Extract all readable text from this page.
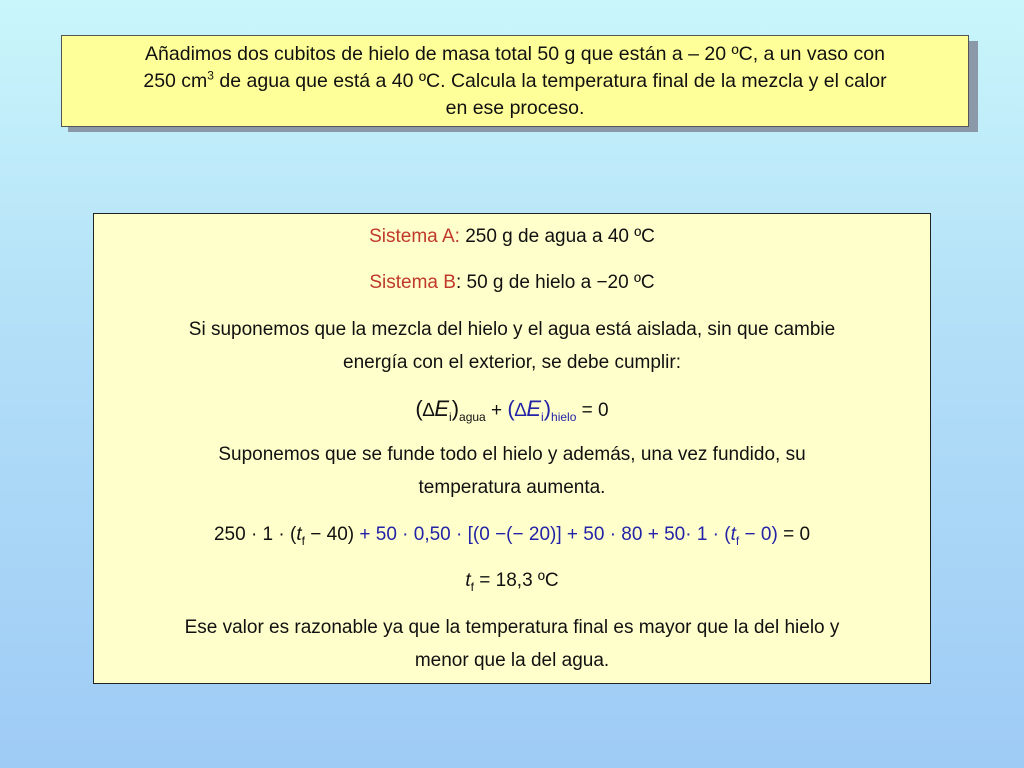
Añadimos dos cubitos de hielo de masa total 50 g que están a – 20 ºC, a un vaso con
250 $cm^3$ de agua que está a 40 ºC. Calcula la temperatura final de la mezcla y el calor
en ese proceso.
Sistema A: 250 g de agua a 40 ºC
Sistema B: 50 g de hielo a −20 ºC
Si suponemos que la mezcla del hielo y el agua está aislada, sin que cambie
energía con el exterior, se debe cumplir:
$(\Delta E_i)_{agua} + (\Delta E_i)_{hielo} = 0$
Suponemos que se funde todo el hielo y además, una vez fundido, su
temperatura aumenta.
$250 \cdot 1 \cdot (t_f - 40) + 50 \cdot 0,50 \cdot [(0$ −(− $20)] + 50 \cdot 80 + 50\cdot 1 \cdot (t_f - 0) = 0$
$t_f = 18,3$ ºC
Ese valor es razonable ya que la temperatura final es mayor que la del hielo y
menor que la del agua.
